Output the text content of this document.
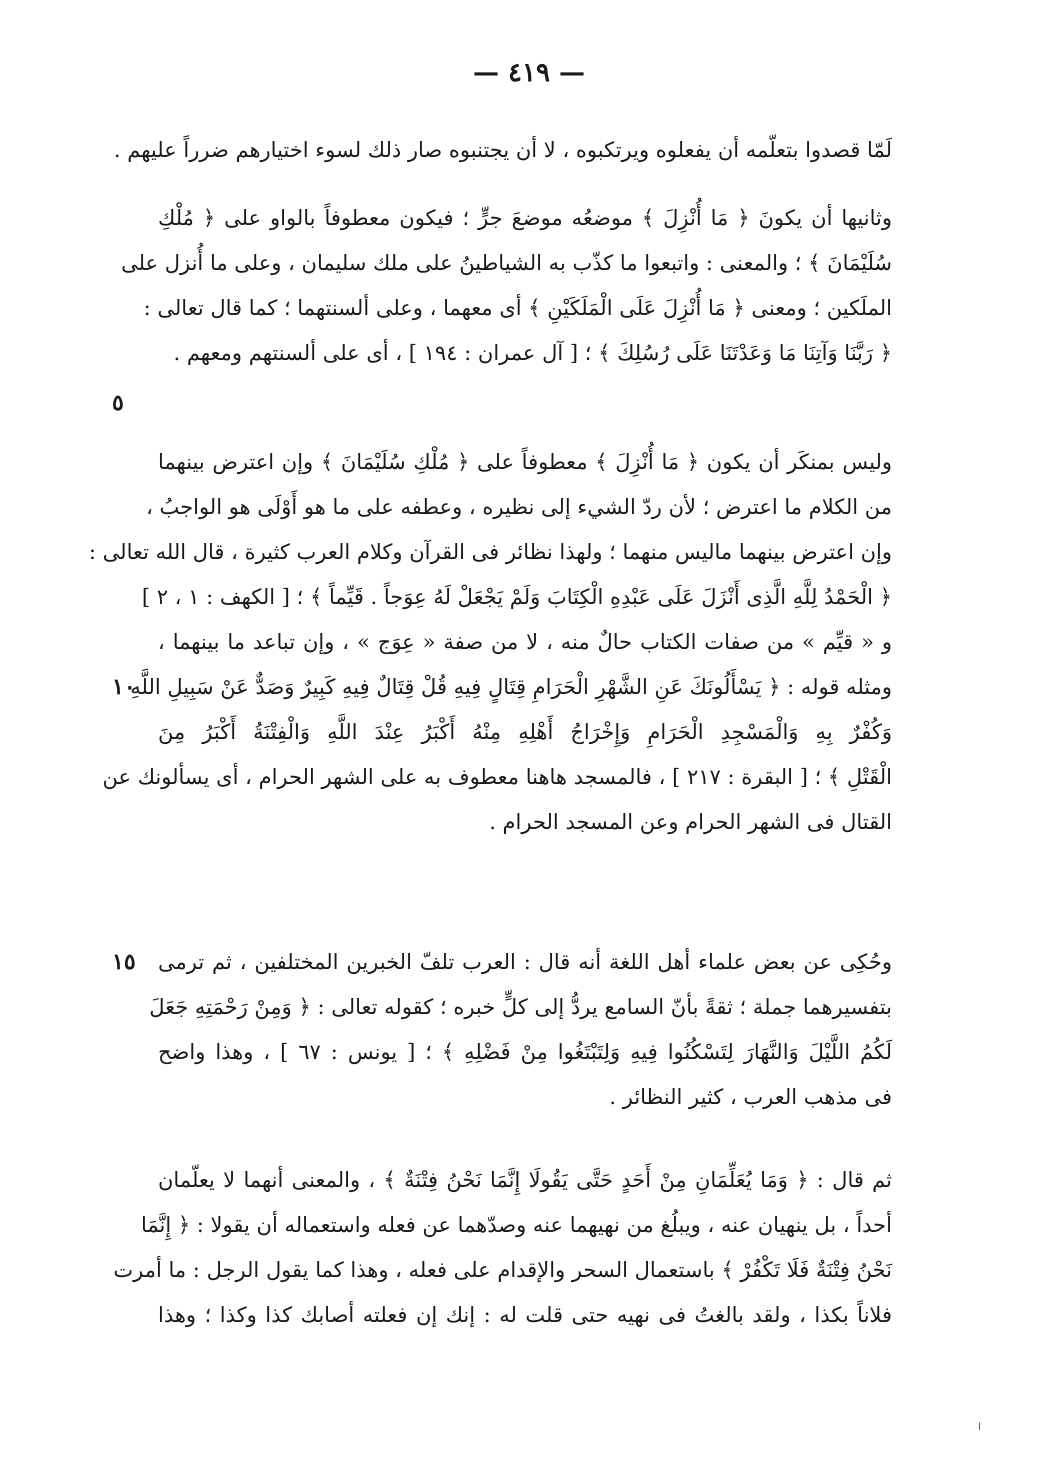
— ٤١٩ —
لَمّا قصدوا بتعلّمه أن يفعلوه ويرتكبوه ، لا أن يجتنبوه صار ذلك لسوء اختيارهم ضرراً عليهم .
وثانيها أن يكونَ ﴿ مَا أُنْزِلَ ﴾ موضعُه موضعَ جرٍّ ؛ فيكون معطوفاً بالواو على ﴿ مُلْكِ
سُلَيْمَانَ ﴾ ؛ والمعنى : واتبعوا ما كذّب به الشياطينُ على ملك سليمان ، وعلى ما أُنزل على
الملَكين ؛ ومعنى ﴿ مَا أُنْزِلَ عَلَى الْمَلَكَيْنِ ﴾ أى معهما ، وعلى ألسنتهما ؛ كما قال تعالى :
﴿ رَبَّنَا وَآتِنَا مَا وَعَدْتَنَا عَلَى رُسُلِكَ ﴾ ؛ [ آل عمران : ١٩٤ ] ، أى على ألسنتهم ومعهم .
وليس بمنكَر أن يكون ﴿ مَا أُنْزِلَ ﴾ معطوفاً على ﴿ مُلْكِ سُلَيْمَانَ ﴾ وإن اعترض بينهما
من الكلام ما اعترض ؛ لأن ردّ الشيء إلى نظيره ، وعطفه على ما هو أَوْلَى هو الواجبُ ،
وإن اعترض بينهما ماليس منهما ؛ ولهذا نظائر فى القرآن وكلام العرب كثيرة ، قال الله تعالى :
﴿ الْحَمْدُ لِلَّهِ الَّذِى أَنْزَلَ عَلَى عَبْدِهِ الْكِتَابَ وَلَمْ يَجْعَلْ لَهُ عِوَجاً . قَيِّماً ﴾ ؛ [ الكهف : ١ ، ٢ ]
و « قيِّم » من صفات الكتاب حالٌ منه ، لا من صفة « عِوَج » ، وإن تباعد ما بينهما ،
ومثله قوله : ﴿ يَسْأَلُونَكَ عَنِ الشَّهْرِ الْحَرَامِ قِتَالٍ فِيهِ قُلْ قِتَالٌ فِيهِ كَبِيرٌ وَصَدٌّ عَنْ سَبِيلِ اللَّهِ
وَكُفْرٌ بِهِ وَالْمَسْجِدِ الْحَرَامِ وَإِخْرَاجُ أَهْلِهِ مِنْهُ أَكْبَرُ عِنْدَ اللَّهِ وَالْفِتْنَةُ أَكْبَرُ مِنَ
الْقَتْلِ ﴾ ؛ [ البقرة : ٢١٧ ] ، فالمسجد هاهنا معطوف به على الشهر الحرام ، أى يسألونك عن
القتال فى الشهر الحرام وعن المسجد الحرام .
وحُكِى عن بعض علماء أهل اللغة أنه قال : العرب تلفّ الخبرين المختلفين ، ثم ترمى
بتفسيرهما جملة ؛ ثقةً بأنّ السامع يردُّ إلى كلٍّ خبره ؛ كقوله تعالى : ﴿ وَمِنْ رَحْمَتِهِ جَعَلَ
لَكُمُ اللَّيْلَ وَالنَّهَارَ لِتَسْكُنُوا فِيهِ وَلِتَبْتَغُوا مِنْ فَضْلِهِ ﴾ ؛ [ يونس : ٦٧ ] ، وهذا واضح
فى مذهب العرب ، كثير النظائر .
ثم قال : ﴿ وَمَا يُعَلِّمَانِ مِنْ أَحَدٍ حَتَّى يَقُولَا إِنَّمَا نَحْنُ فِتْنَةٌ ﴾ ، والمعنى أنهما لا يعلّمان
أحداً ، بل ينهيان عنه ، ويبلُغ من نهيهما عنه وصدّهما عن فعله واستعماله أن يقولا : ﴿ إِنَّمَا
نَحْنُ فِتْنَةٌ فَلَا تَكْفُرْ ﴾ باستعمال السحر والإقدام على فعله ، وهذا كما يقول الرجل : ما أمرت
فلاناً بكذا ، ولقد بالغتُ فى نهيه حتى قلت له : إنك إن فعلته أصابك كذا وكذا ؛ وهذا
٥
١٠
١٥
ا
